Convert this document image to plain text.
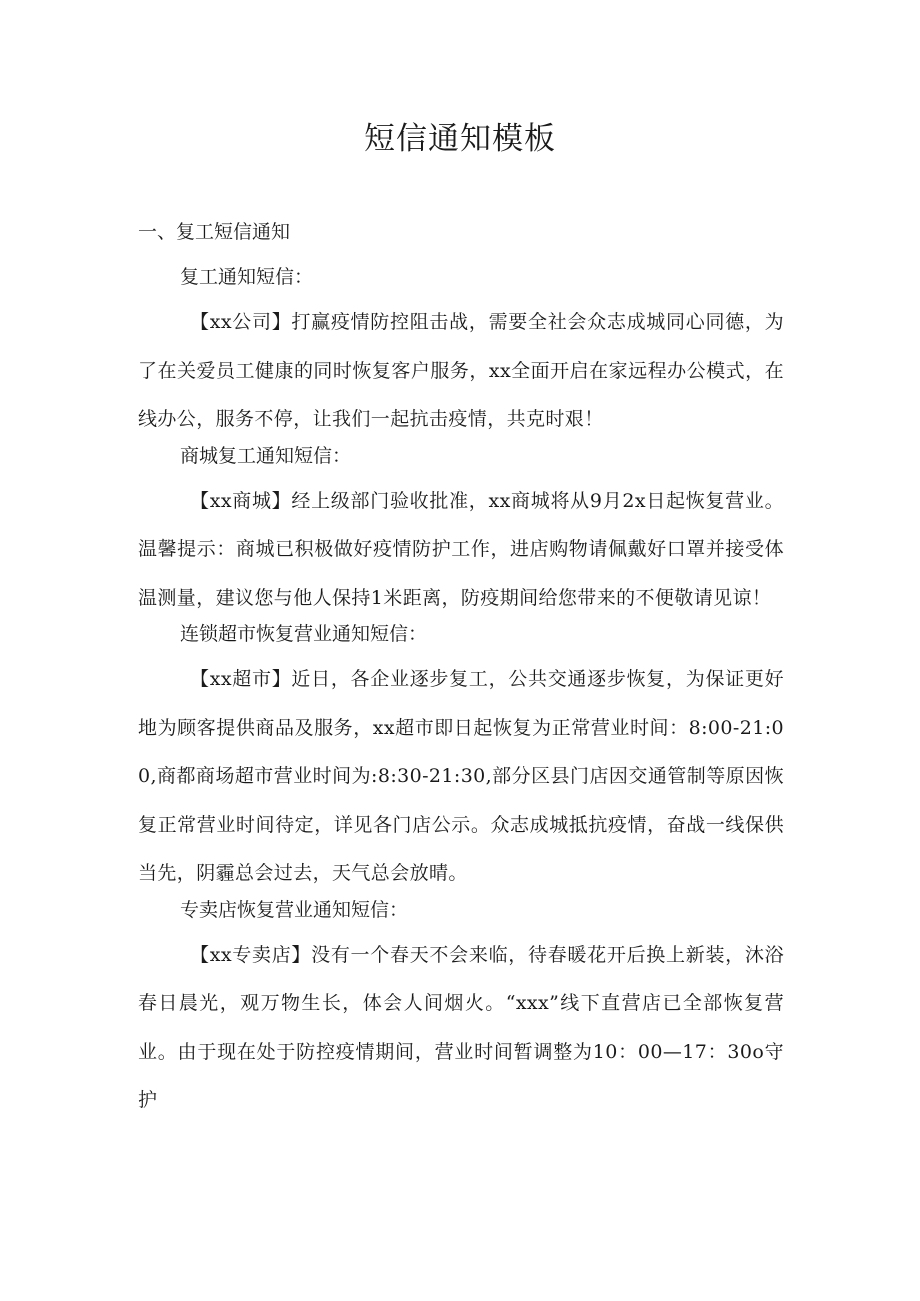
短信通知模板
一、复工短信通知
复工通知短信：

【xx公司】打赢疫情防控阻击战，需要全社会众志成城同心同德，为了在关爱员工健康的同时恢复客户服务，xx全面开启在家远程办公模式，在线办公，服务不停，让我们一起抗击疫情，共克时艰！

商城复工通知短信：

【xx商城】经上级部门验收批准，xx商城将从9月2x日起恢复营业。温馨提示：商城已积极做好疫情防护工作，进店购物请佩戴好口罩并接受体温测量，建议您与他人保持1米距离，防疫期间给您带来的不便敬请见谅！

连锁超市恢复营业通知短信：

【xx超市】近日，各企业逐步复工，公共交通逐步恢复，为保证更好地为顾客提供商品及服务，xx超市即日起恢复为正常营业时间：8:00-21:00,商都商场超市营业时间为:8:30-21:30,部分区县门店因交通管制等原因恢复正常营业时间待定，详见各门店公示。众志成城抵抗疫情，奋战一线保供当先，阴霾总会过去，天气总会放晴。

专卖店恢复营业通知短信：

【xx专卖店】没有一个春天不会来临，待春暖花开后换上新装，沐浴春日晨光，观万物生长，体会人间烟火。“xxx”线下直营店已全部恢复营业。由于现在处于防控疫情期间，营业时间暂调整为10：00—17：30o守护
